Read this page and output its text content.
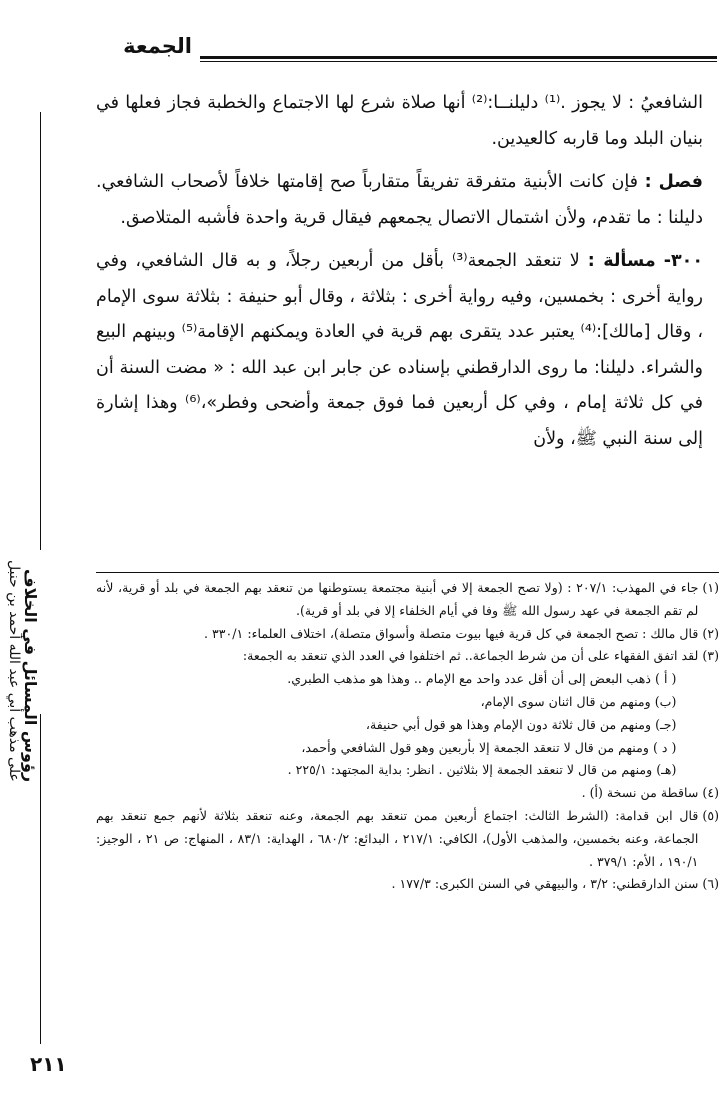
الجمعة
رؤوس المسائل في الخلاف
على مذهب أبي عبد الله أحمد بن حنبل

الشافعيُ : لا يجوز .⁽¹⁾ دليلنــا:⁽²⁾ أنها صلاة شرع لها الاجتماع والخطبة فجاز فعلها في بنيان البلد وما قاربه كالعيدين.

فصل : فإن كانت الأبنية متفرقة تفريقاً متقارباً صح إقامتها خلافاً لأصحاب الشافعي. دليلنا : ما تقدم، ولأن اشتمال الاتصال يجمعهم فيقال قرية واحدة فأشبه المتلاصق.

٣٠٠- مسألة : لا تنعقد الجمعة⁽³⁾ بأقل من أربعين رجلاً، و به قال الشافعي، وفي رواية أخرى : بخمسين، وفيه رواية أخرى : بثلاثة ، وقال أبو حنيفة : بثلاثة سوى الإمام ، وقال [مالك]:⁽⁴⁾ يعتبر عدد يتقرى بهم قرية في العادة ويمكنهم الإقامة⁽⁵⁾ وبينهم البيع والشراء. دليلنا: ما روى الدارقطني بإسناده عن جابر ابن عبد الله : « مضت السنة أن في كل ثلاثة إمام ، وفي كل أربعين فما فوق جمعة وأضحى وفطر»،⁽⁶⁾ وهذا إشارة إلى سنة النبي ﷺ، ولأن

(١)
جاء في المهذب: ٢٠٧/١ : (ولا تصح الجمعة إلا في أبنية مجتمعة يستوطنها من تنعقد بهم الجمعة في بلد أو قرية، لأنه لم تقم الجمعة في عهد رسول الله ﷺ وفا في أيام الخلفاء إلا في بلد أو قرية).
(٢)
قال مالك : تصح الجمعة في كل قرية فيها بيوت متصلة وأسواق متصلة)، اختلاف العلماء: ٣٣٠/١ .
(٣)
لقد اتفق الفقهاء على أن من شرط الجماعة.. ثم اختلفوا في العدد الذي تنعقد به الجمعة:
( أ ) ذهب البعض إلى أن أقل عدد واحد مع الإمام .. وهذا هو مذهب الطبري.
(ب) ومنهم من قال اثنان سوى الإمام،
(جـ) ومنهم من قال ثلاثة دون الإمام وهذا هو قول أبي حنيفة،
( د ) ومنهم من قال لا تنعقد الجمعة إلا بأربعين وهو قول الشافعي وأحمد،
(هـ) ومنهم من قال لا تنعقد الجمعة إلا بثلاثين . انظر: بداية المجتهد: ٢٢٥/١ .
(٤)
ساقطة من نسخة (أ) .
(٥)
قال ابن قدامة: (الشرط الثالث: اجتماع أربعين ممن تنعقد بهم الجمعة، وعنه تنعقد بثلاثة لأنهم جمع تنعقد بهم الجماعة، وعنه بخمسين، والمذهب الأول)، الكافي: ٢١٧/١ ، البدائع: ٦٨٠/٢ ، الهداية: ٨٣/١ ، المنهاج: ص ٢١ ، الوجيز: ١٩٠/١ ، الأم: ٣٧٩/١ .
(٦)
سنن الدارقطني: ٣/٢ ، والبيهقي في السنن الكبرى: ١٧٧/٣ .
٢١١
